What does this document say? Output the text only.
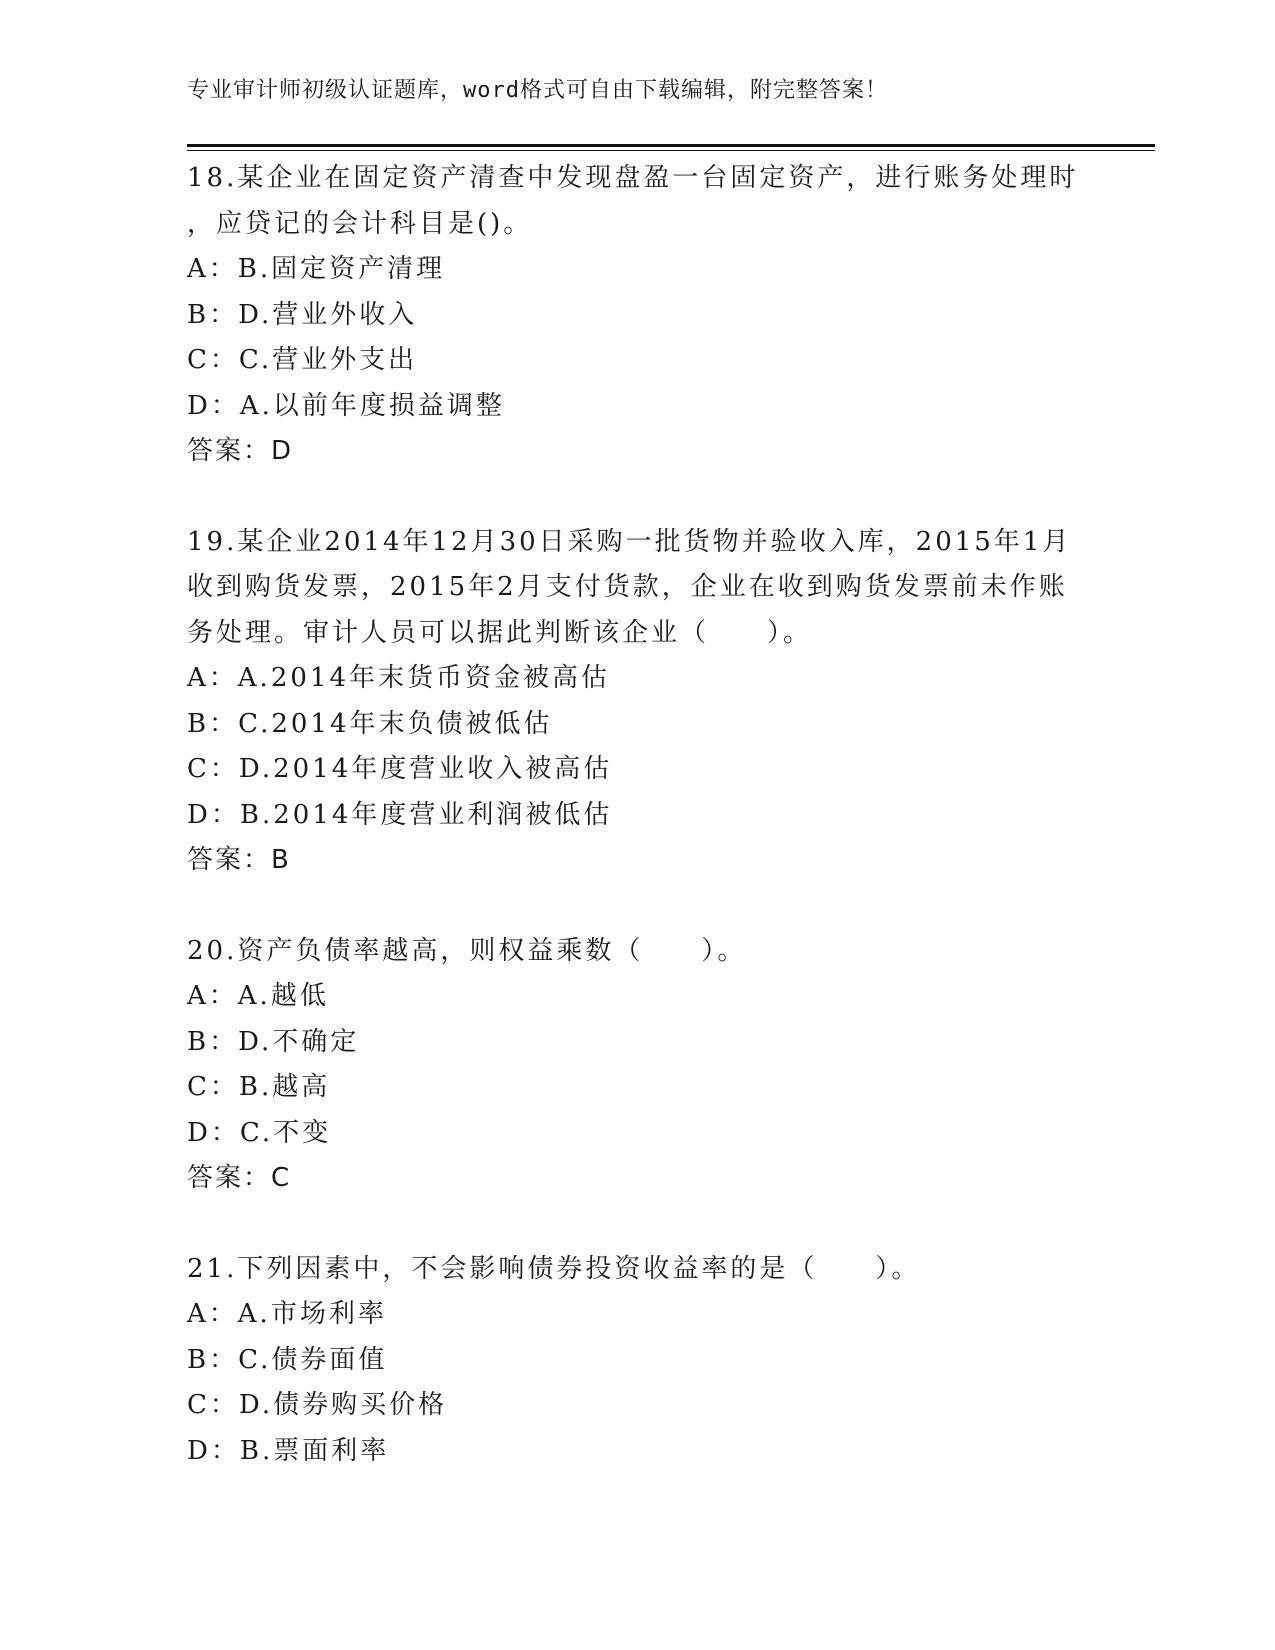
专业审计师初级认证题库，word格式可自由下载编辑，附完整答案！
18.某企业在固定资产清查中发现盘盈一台固定资产，进行账务处理时
，应贷记的会计科目是()。
A：B.固定资产清理
B：D.营业外收入
C：C.营业外支出
D：A.以前年度损益调整
答案：D
19.某企业2014年12月30日采购一批货物并验收入库，2015年1月
收到购货发票，2015年2月支付货款，企业在收到购货发票前未作账
务处理。审计人员可以据此判断该企业（　　）。
A：A.2014年末货币资金被高估
B：C.2014年末负债被低估
C：D.2014年度营业收入被高估
D：B.2014年度营业利润被低估
答案：B
20.资产负债率越高，则权益乘数（　　）。
A：A.越低
B：D.不确定
C：B.越高
D：C.不变
答案：C
21.下列因素中，不会影响债券投资收益率的是（　　）。
A：A.市场利率
B：C.债券面值
C：D.债券购买价格
D：B.票面利率
